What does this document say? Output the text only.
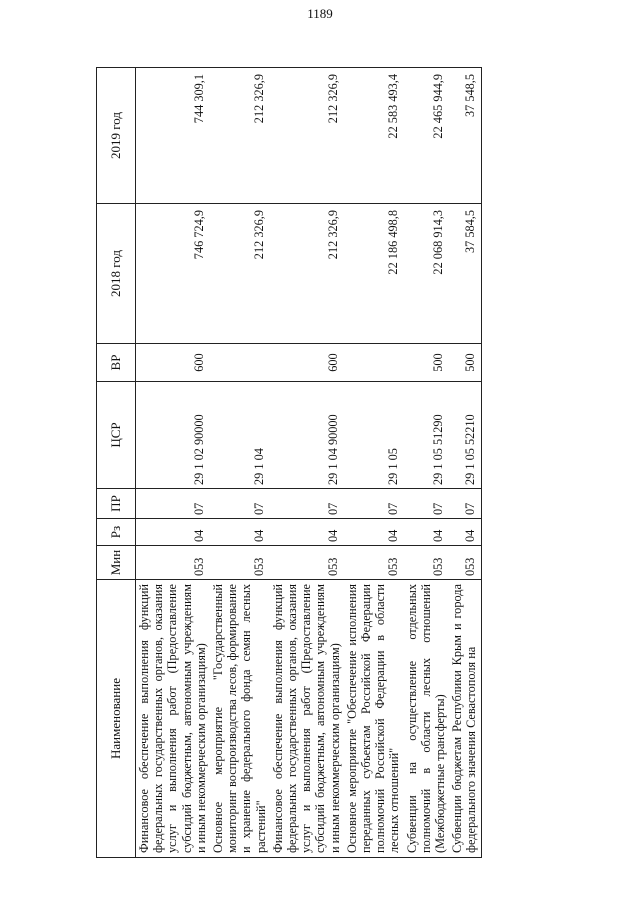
1189
Наименование	Мин	Рз	ПР	ЦСР	ВР	2018 год	2019 год
Финансовое обеспечение выполнения функций федеральных государственных органов, оказания услуг и выполнения работ (Предоставление субсидий бюджетным, автономным учреждениям и иным некоммерческим организациям)	053	04	07	29 1 02 90000	600	746 724,9	744 309,1
Основное мероприятие "Государственный мониторинг воспроизводства лесов, формирование и хранение федерального фонда семян лесных растений"	053	04	07	29 1 04		212 326,9	212 326,9
Финансовое обеспечение выполнения функций федеральных государственных органов, оказания услуг и выполнения работ (Предоставление субсидий бюджетным, автономным учреждениям и иным некоммерческим организациям)	053	04	07	29 1 04 90000	600	212 326,9	212 326,9
Основное мероприятие "Обеспечение исполнения переданных субъектам Российской Федерации полномочий Российской Федерации в области лесных отношений"	053	04	07	29 1 05		22 186 498,8	22 583 493,4
Субвенции на осуществление отдельных полномочий в области лесных отношений (Межбюджетные трансферты)	053	04	07	29 1 05 51290	500	22 068 914,3	22 465 944,9
Субвенции бюджетам Республики Крым и города федерального значения Севастополя на	053	04	07	29 1 05 52210	500	37 584,5	37 548,5
